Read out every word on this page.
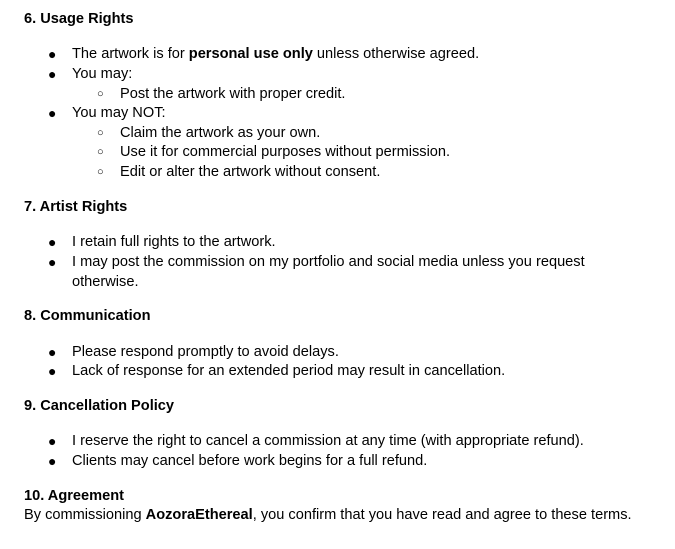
6. Usage Rights
● The artwork is for personal use only unless otherwise agreed.
● You may:
○ Post the artwork with proper credit.
● You may NOT:
○ Claim the artwork as your own.
○ Use it for commercial purposes without permission.
○ Edit or alter the artwork without consent.
7. Artist Rights
● I retain full rights to the artwork.
● I may post the commission on my portfolio and social media unless you request
otherwise.
8. Communication
● Please respond promptly to avoid delays.
● Lack of response for an extended period may result in cancellation.
9. Cancellation Policy
● I reserve the right to cancel a commission at any time (with appropriate refund).
● Clients may cancel before work begins for a full refund.
10. Agreement
By commissioning AozoraEthereal, you confirm that you have read and agree to these terms.
